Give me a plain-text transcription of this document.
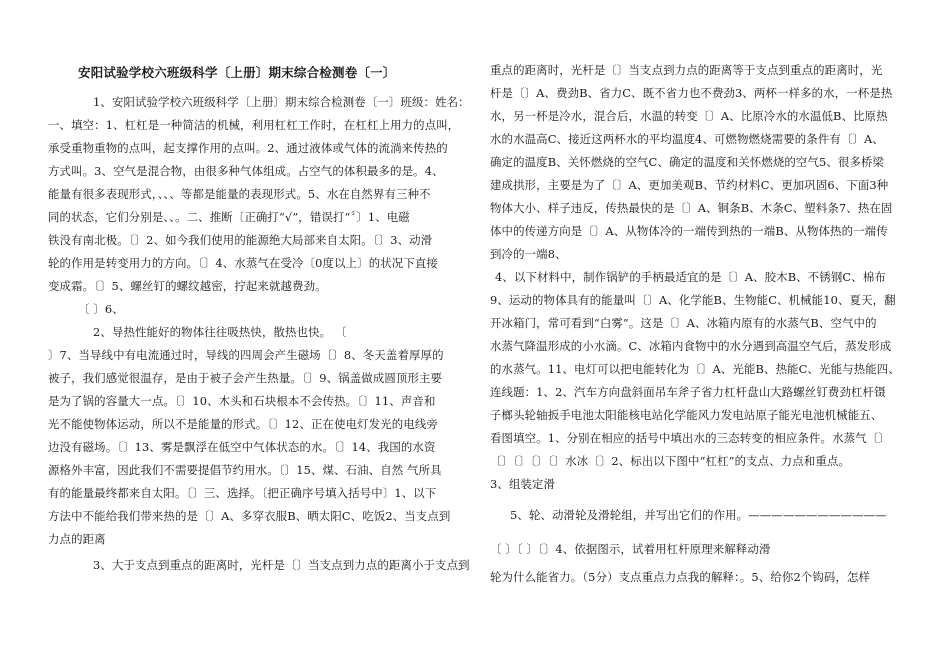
安阳试验学校六班级科学〔上册〕期末综合检测卷〔一〕
1、安阳试验学校六班级科学〔上册〕期末综合检测卷〔一〕班级：姓名：
一、填空：1、杠杠是一种简洁的机械，利用杠杠工作时，在杠杠上用力的点叫，
承受重物重物的点叫，起支撑作用的点叫。2、通过液体或气体的流淌来传热的
方式叫。3、空气是混合物，由很多种气体组成。占空气的体积最多的是。4、
能量有很多表现形式，、、、等都是能量的表现形式。5、水在自然界有三种不
同的状态，它们分别是、、。二、推断〔正确打“√”，错误打“〞〕1、电磁
铁没有南北极。〔〕2、如今我们使用的能源绝大局部来自太阳。〔〕3、动滑
轮的作用是转变用力的方向。〔〕4、水蒸气在受冷〔0度以上〕的状况下直接
变成霜。〔〕5、螺丝钉的螺纹越密，拧起来就越费劲。
〔 〕6、
2、导热性能好的物体往往吸热快，散热也快。 〔
〕7、当导线中有电流通过时，导线的四周会产生磁场〔〕8、冬天盖着厚厚的
被子，我们感觉很温存，是由于被子会产生热量。〔〕9、锅盖做成圆顶形主要
是为了锅的容量大一点。〔〕10、木头和石块根本不会传热。〔〕11、声音和
光不能使物体运动，所以不是能量的形式。〔〕12、正在使电灯发光的电线旁
边没有磁场。〔〕13、雾是飘浮在低空中气体状态的水。〔〕14、我国的水资
源格外丰富，因此我们不需要提倡节约用水。〔〕15、煤、石油、自然 气所具
有的能量最终都来自太阳。〔〕三、选择。〔把正确序号填入括号中〕1、以下
方法中不能给我们带来热的是〔〕A、多穿衣服B、晒太阳C、吃饭2、当支点到
力点的距离
3、大于支点到重点的距离时，光杆是〔〕当支点到力点的距离小于支点到
重点的距离时，光杆是〔〕当支点到力点的距离等于支点到重点的距离时，光
杆是〔〕A、费劲B、省力C、既不省力也不费劲3、两杯一样多的水，一杯是热
水，另一杯是冷水，混合后，水温的转变〔〕A、比原冷水的水温低B、比原热
水的水温高C、接近这两杯水的平均温度4、可燃物燃烧需要的条件有〔〕A、
确定的温度B、关怀燃烧的空气C、确定的温度和关怀燃烧的空气5、很多桥梁
建成拱形，主要是为了〔〕A、更加美观B、节约材料C、更加巩固6、下面3种
物体大小、样子违反，传热最快的是〔〕A、铜条B、木条C、塑料条7、热在固
体中的传递方向是〔〕A、从物体冷的一端传到热的一端B、从物体热的一端传
到冷的一端8、
4、以下材料中，制作锅铲的手柄最适宜的是〔〕A、胶木B、不锈钢C、棉布
9、运动的物体具有的能量叫〔〕A、化学能B、生物能C、机械能10、夏天，翻
开冰箱门，常可看到“白雾”。这是〔〕A、冰箱内原有的水蒸气B、空气中的
水蒸气降温形成的小水滴。C、冰箱内食物中的水分遇到高温空气后，蒸发形成
的水蒸气。11、电灯可以把电能转化为〔〕A、光能B、热能C、光能与热能四、
连线题：1、2、汽车方向盘斜面吊车斧子省力杠杆盘山大路螺丝钉费劲杠杆镊
子榔头轮轴扳手电池太阳能核电站化学能风力发电站原子能光电池机械能五、
看图填空。1、分别在相应的括号中填出水的三态转变的相应条件。水蒸气〔〕
〔〕〔〕〔〕〔〕水冰〔〕2、标出以下图中“杠杠”的支点、力点和重点。
3、组装定滑
5、轮、动滑轮及滑轮组，并写出它们的作用。————————————
〔 〕〔 〕〔〕4、依据图示，试着用杠杆原理来解释动滑
轮为什么能省力。（5分）支点重点力点我的解释：。5、给你2个钩码，怎样
